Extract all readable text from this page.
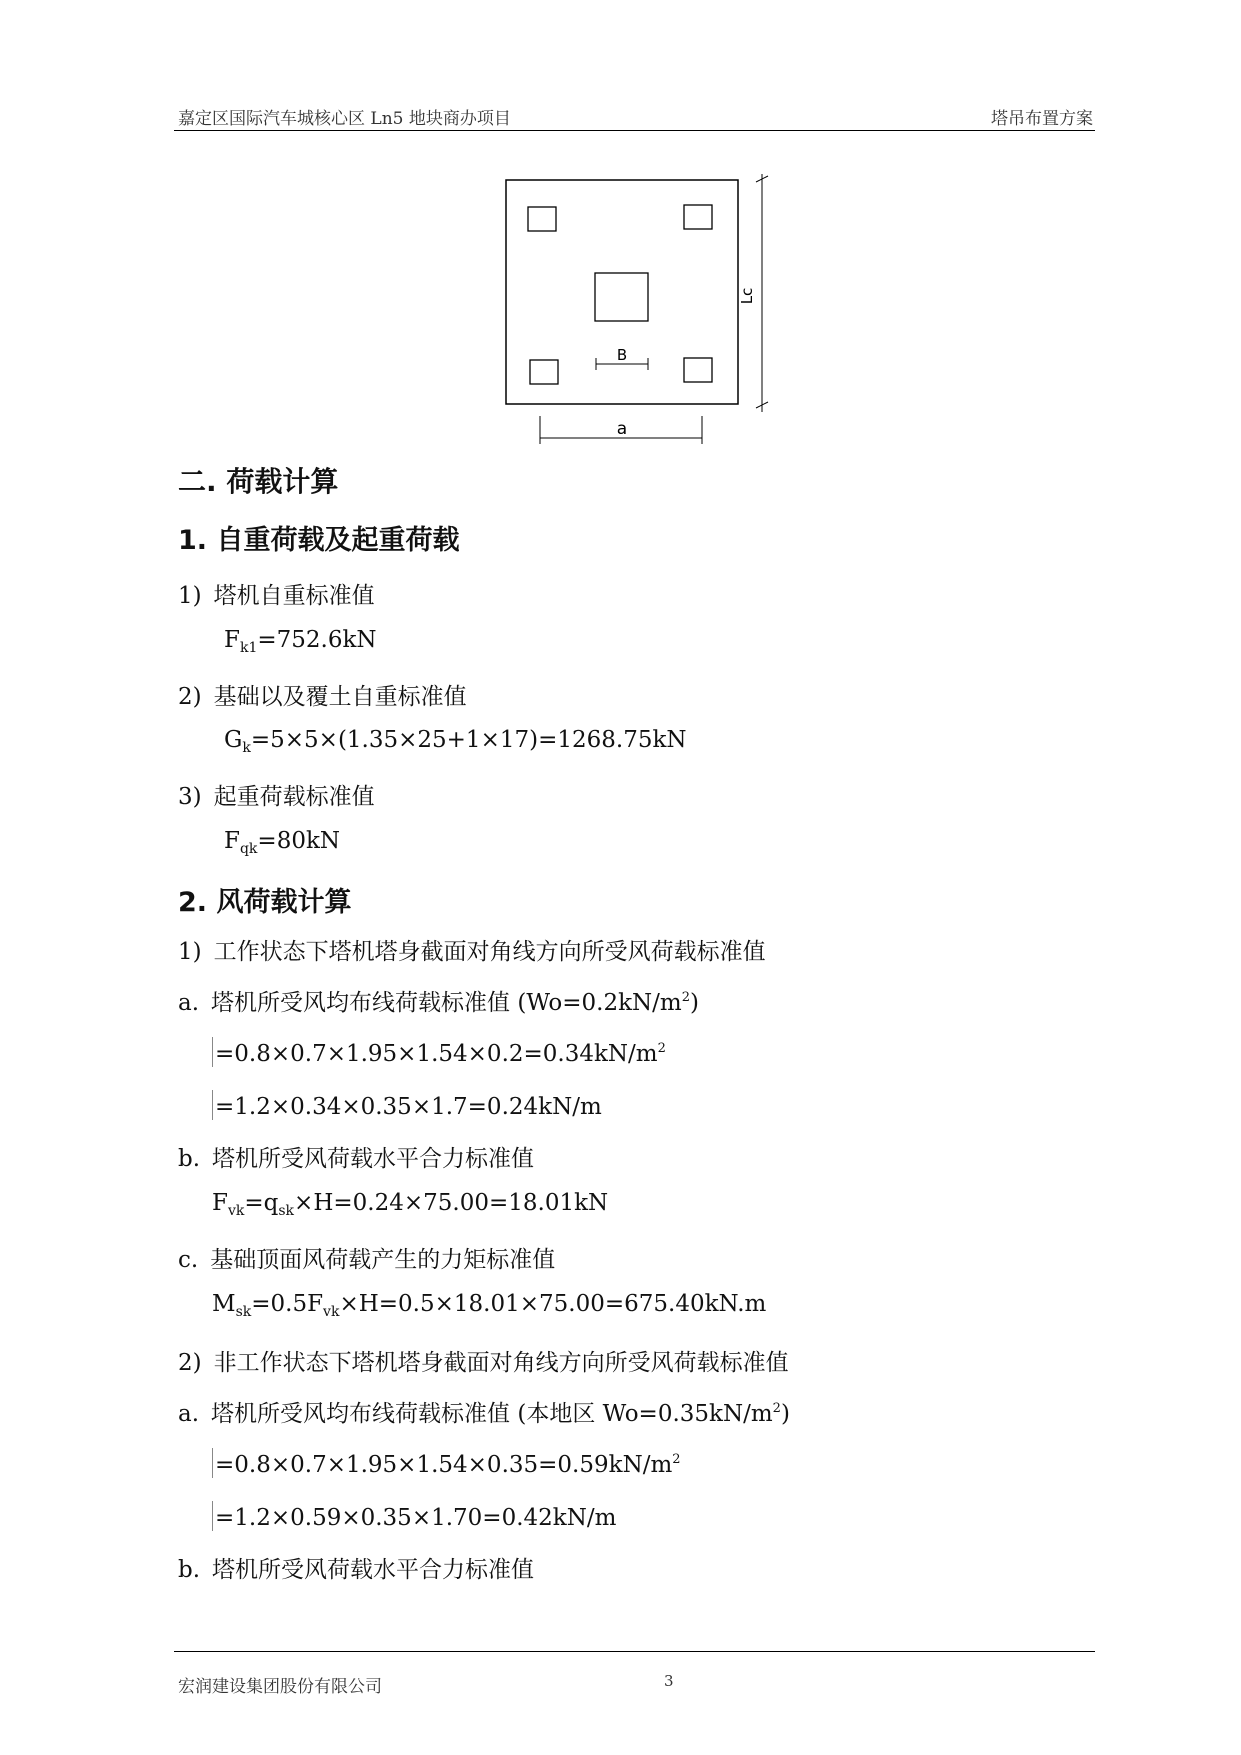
嘉定区国际汽车城核心区 Ln5 地块商办项目	塔吊布置方案
B
a
Lc
二. 荷载计算
1. 自重荷载及起重荷载
1) 塔机自重标准值
$F_{k1}=752.6kN$
2) 基础以及覆土自重标准值
$G_k=5\times 5\times(1.35\times 25+1\times 17)=1268.75kN$
3) 起重荷载标准值
$F_{qk}=80kN$
2. 风荷载计算
1) 工作状态下塔机塔身截面对角线方向所受风荷载标准值
a. 塔机所受风均布线荷载标准值 $(Wo=0.2kN/m^2)$
$=0.8\times 0.7\times 1.95\times 1.54\times 0.2=0.34kN/m^2$
=1.2×0.34×0.35×1.7=0.24kN/m
b. 塔机所受风荷载水平合力标准值
$F_{vk}=q_{sk}\times H=0.24\times 75.00=18.01kN$
c. 基础顶面风荷载产生的力矩标准值
$M_{sk}=0.5F_{vk}\times H=0.5\times 18.01\times 75.00=675.40kN.m$
2) 非工作状态下塔机塔身截面对角线方向所受风荷载标准值
a. 塔机所受风均布线荷载标准值 (本地区 $Wo=0.35kN/m^2$)
$=0.8\times 0.7\times 1.95\times 1.54\times 0.35=0.59kN/m^2$
=1.2×0.59×0.35×1.70=0.42kN/m
b. 塔机所受风荷载水平合力标准值
宏润建设集团股份有限公司	3
